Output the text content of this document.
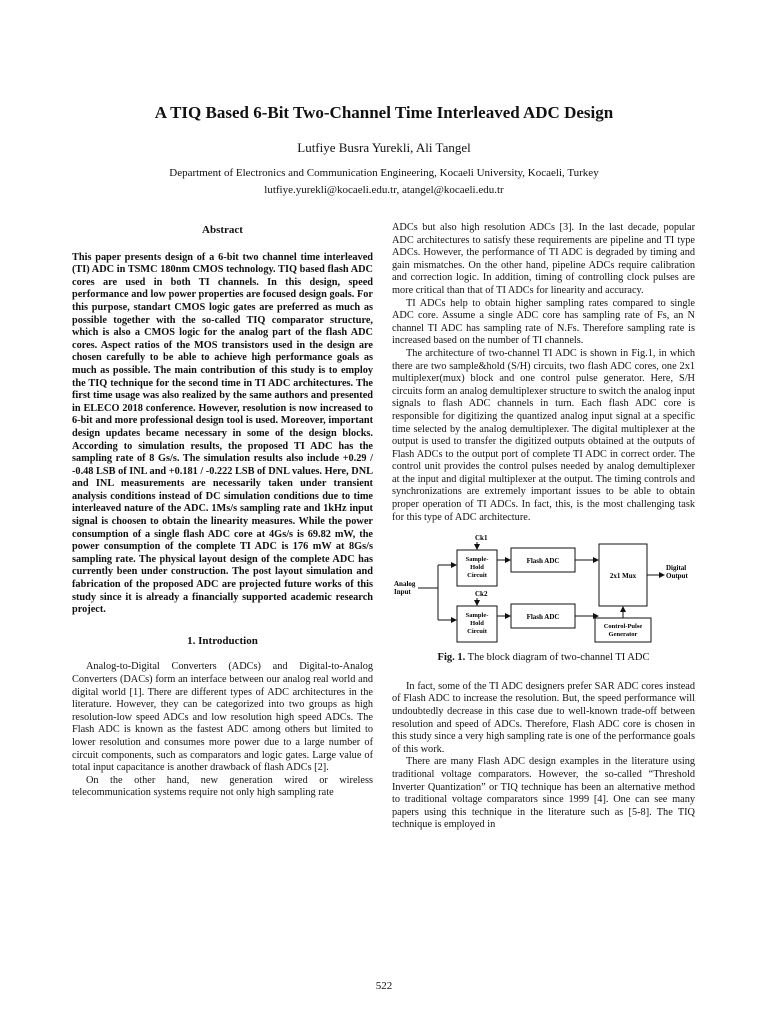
A TIQ Based 6-Bit Two-Channel Time Interleaved ADC Design
Lutfiye Busra Yurekli, Ali Tangel
Department of Electronics and Communication Engineering, Kocaeli University, Kocaeli, Turkey
lutfiye.yurekli@kocaeli.edu.tr, atangel@kocaeli.edu.tr

Abstract

This paper presents design of a 6-bit two channel time interleaved (TI) ADC in TSMC 180nm CMOS technology. TIQ based flash ADC cores are used in both TI channels. In this design, speed performance and low power properties are focused design goals. For this purpose, standart CMOS logic gates are preferred as much as possible together with the so-called TIQ comparator structure, which is also a CMOS logic for the analog part of the flash ADC cores. Aspect ratios of the MOS transistors used in the design are chosen carefully to be able to achieve high performance goals as much as possible. The main contribution of this study is to employ the TIQ technique for the second time in TI ADC architectures. The first time usage was also realized by the same authors and presented in ELECO 2018 conference. However, resolution is now increased to 6-bit and more professional design tool is used. Moreover, important design updates became necessary in some of the design blocks. According to simulation results, the proposed TI ADC has the sampling rate of 8 Gs/s. The simulation results also include +0.29 / -0.48 LSB of INL and +0.181 / -0.222 LSB of DNL values. Here, DNL and INL measurements are necessarily taken under transient analysis conditions instead of DC simulation conditions due to time interleaved nature of the ADC. 1Ms/s sampling rate and 1kHz input signal is choosen to obtain the linearity measures. While the power consumption of a single flash ADC core at 4Gs/s is 69.82 mW, the power consumption of the complete TI ADC is 176 mW at 8Gs/s sampling rate. The physical layout design of the complete ADC has currently been under construction. The post layout simulation and fabrication of the proposed ADC are projected future works of this study since it is already a financially supported academic research project.

1. Introduction

Analog-to-Digital Converters (ADCs) and Digital-to-Analog Converters (DACs) form an interface between our analog real world and digital world [1]. There are different types of ADC architectures in the literature. However, they can be categorized into two groups as high resolution-low speed ADCs and low resolution high speed ADCs. The Flash ADC is known as the fastest ADC among others but limited to lower resolution and consumes more power due to a large number of circuit components, such as comparators and logic gates. Large value of total input capacitance is another drawback of flash ADCs [2].

On the other hand, new generation wired or wireless telecommunication systems require not only high sampling rate

ADCs but also high resolution ADCs [3]. In the last decade, popular ADC architectures to satisfy these requirements are pipeline and TI type ADCs. However, the performance of TI ADC is degraded by timing and gain mismatches. On the other hand, pipeline ADCs require calibration and correction logic. In addition, timing of controlling clock pulses are more critical than that of TI ADCs for linearity and accuracy.

TI ADCs help to obtain higher sampling rates compared to single ADC core. Assume a single ADC core has sampling rate of Fs, an N channel TI ADC has sampling rate of N.Fs. Therefore sampling rate is increased based on the number of TI channels.

The architecture of two-channel TI ADC is shown in Fig.1, in which there are two sample&hold (S/H) circuits, two flash ADC cores, one 2x1 multiplexer(mux) block and one control pulse generator. Here, S/H circuits form an analog demultiplexer structure to switch the analog input signals to flash ADC channels in turn. Each flash ADC core is responsible for digitizing the quantized analog input signal at a specific time selected by the analog demultiplexer. The digital multiplexer at the output is used to transfer the digitized outputs obtained at the outputs of Flash ADCs to the output port of complete TI ADC in correct order. The control unit provides the control pulses needed by analog demultiplexer at the input and digital multiplexer at the output. The timing controls and synchronizations are extremely important issues to be able to obtain proper operation of TI ADCs. In fact, this, is the most challenging task for this type of ADC architecture.

Ck1
Ck2
Analog Input
Sample-Hold Circuit
Sample-Hold Circuit
Flash ADC
Flash ADC
2x1 Mux
Digital Output
Control-Pulse Generator

Fig. 1. The block diagram of two-channel TI ADC

In fact, some of the TI ADC designers prefer SAR ADC cores instead of Flash ADC to increase the resolution. But, the speed performance will undoubtedly decrease in this case due to well-known trade-off between resolution and speed of ADCs. Therefore, Flash ADC core is chosen in this study since a very high sampling rate is one of the performance goals of this work.

There are many Flash ADC design examples in the literature using traditional voltage comparators. However, the so-called “Threshold Inverter Quantization” or TIQ technique has been an alternative method to traditional voltage comparators since 1999 [4]. One can see many papers using this technique in the literature such as [5-8]. The TIQ technique is employed in

522
